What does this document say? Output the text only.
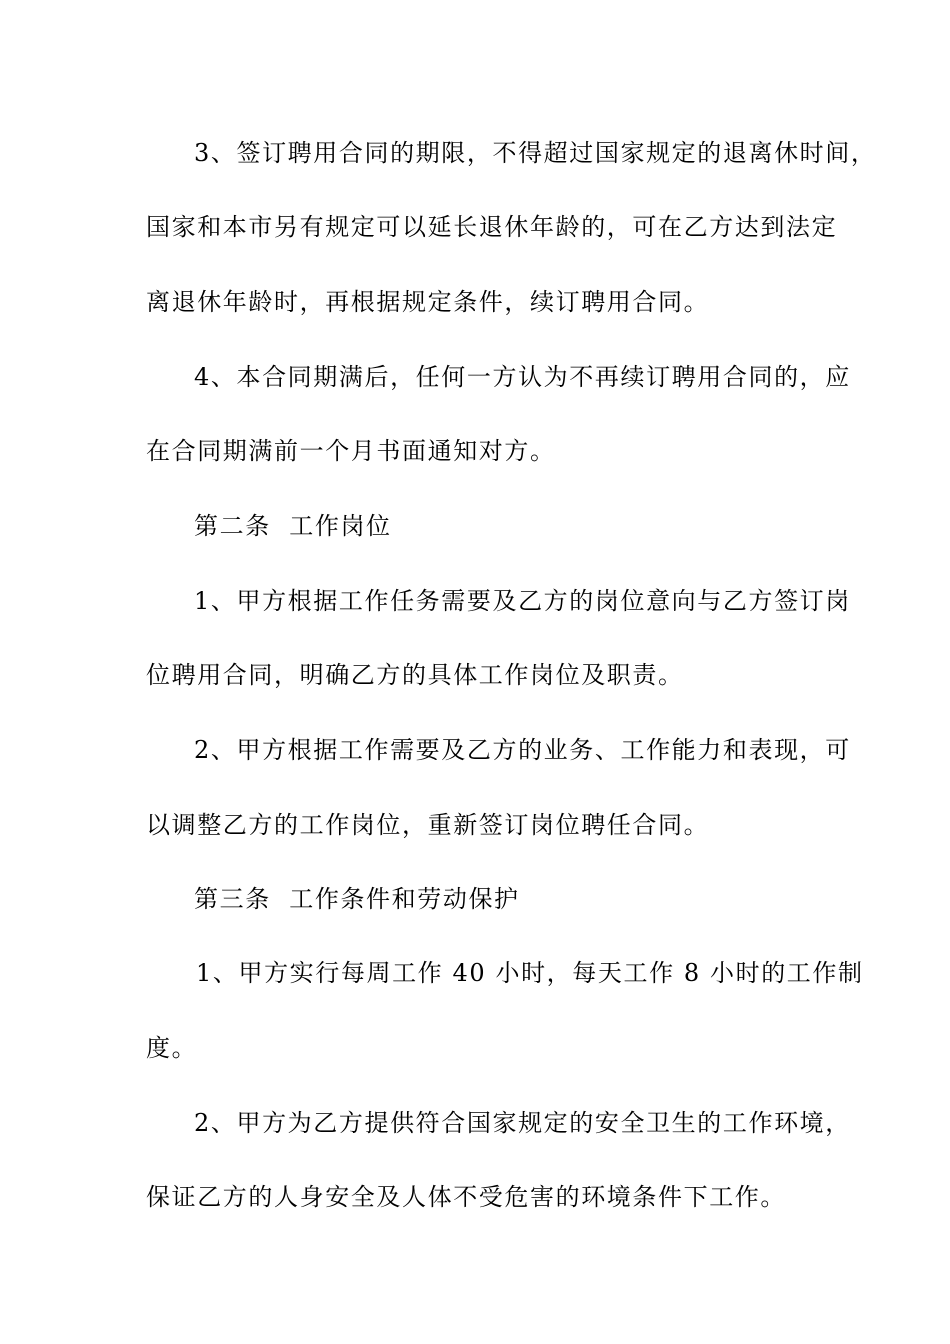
3、签订聘用合同的期限，不得超过国家规定的退离休时间，
国家和本市另有规定可以延长退休年龄的，可在乙方达到法定
离退休年龄时，再根据规定条件，续订聘用合同。
4、本合同期满后，任何一方认为不再续订聘用合同的，应
在合同期满前一个月书面通知对方。
第二条  工作岗位
1、甲方根据工作任务需要及乙方的岗位意向与乙方签订岗
位聘用合同，明确乙方的具体工作岗位及职责。
2、甲方根据工作需要及乙方的业务、工作能力和表现，可
以调整乙方的工作岗位，重新签订岗位聘任合同。
第三条  工作条件和劳动保护
1、甲方实行每周工作 40 小时，每天工作 8 小时的工作制
度。
2、甲方为乙方提供符合国家规定的安全卫生的工作环境，
保证乙方的人身安全及人体不受危害的环境条件下工作。
